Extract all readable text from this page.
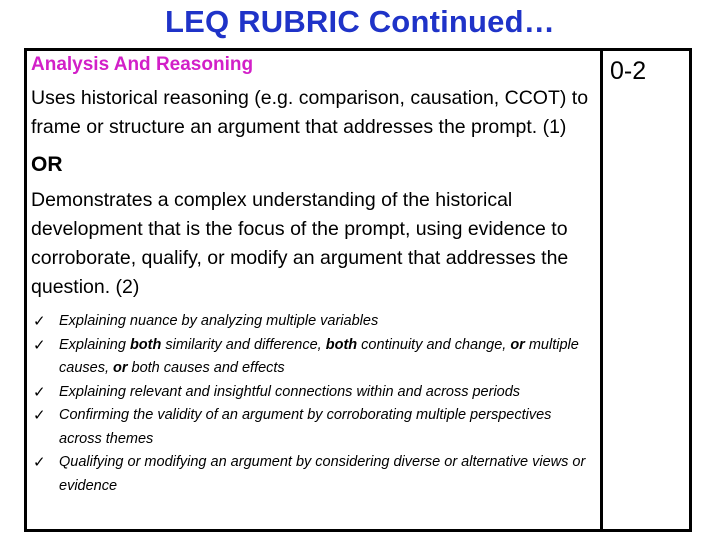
LEQ RUBRIC Continued…
Analysis And Reasoning

Uses historical reasoning (e.g. comparison, causation, CCOT) to frame or structure an argument that addresses the prompt. (1)

OR

Demonstrates a complex understanding of the historical development that is the focus of the prompt, using evidence to corroborate, qualify, or modify an argument that addresses the question. (2)

✓ Explaining nuance by analyzing multiple variables
✓ Explaining both similarity and difference, both continuity and change, or multiple causes, or both causes and effects
✓ Explaining relevant and insightful connections within and across periods
✓ Confirming the validity of an argument by corroborating multiple perspectives across themes
✓ Qualifying or modifying an argument by considering diverse or alternative views or evidence
0-2
